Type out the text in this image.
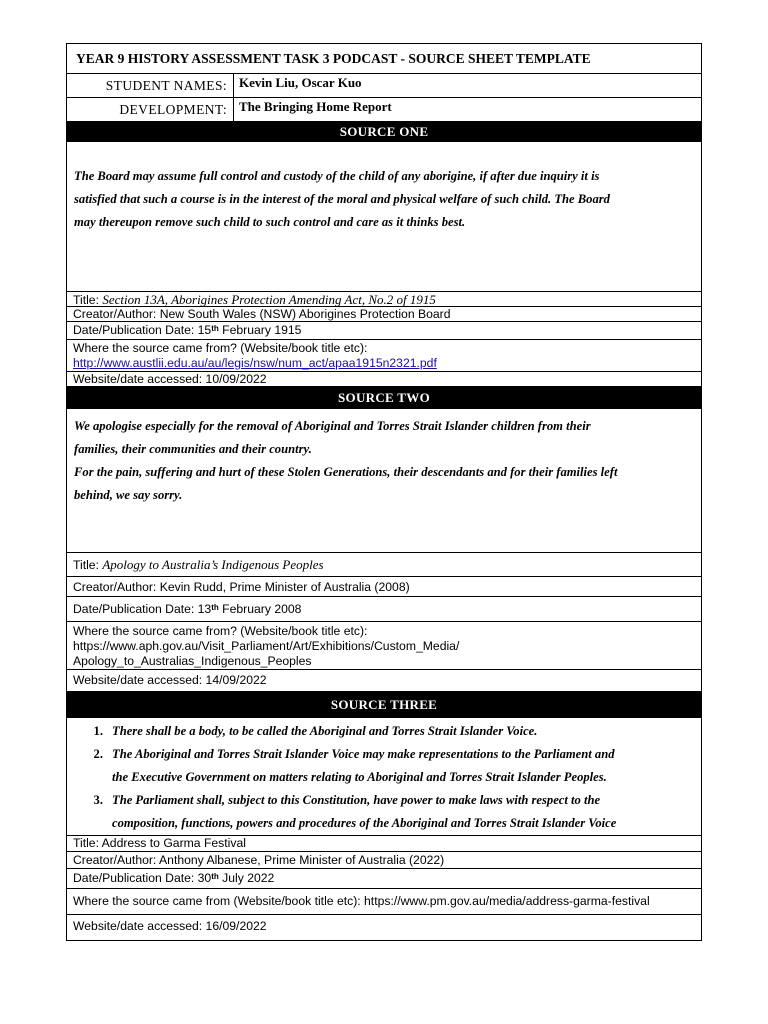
YEAR 9 HISTORY ASSESSMENT TASK 3 PODCAST - SOURCE SHEET TEMPLATE
STUDENT NAMES: Kevin Liu, Oscar Kuo
DEVELOPMENT: The Bringing Home Report
SOURCE ONE
The Board may assume full control and custody of the child of any aborigine, if after due inquiry it is
satisfied that such a course is in the interest of the moral and physical welfare of such child. The Board
may thereupon remove such child to such control and care as it thinks best.
Title: Section 13A, Aborigines Protection Amending Act, No.2 of 1915
Creator/Author: New South Wales (NSW) Aborigines Protection Board
Date/Publication Date: 15th February 1915
Where the source came from? (Website/book title etc):
http://www.austlii.edu.au/au/legis/nsw/num_act/apaa1915n2321.pdf
Website/date accessed: 10/09/2022
SOURCE TWO
We apologise especially for the removal of Aboriginal and Torres Strait Islander children from their
families, their communities and their country.
For the pain, suffering and hurt of these Stolen Generations, their descendants and for their families left
behind, we say sorry.
Title: Apology to Australia’s Indigenous Peoples
Creator/Author: Kevin Rudd, Prime Minister of Australia (2008)
Date/Publication Date: 13th February 2008
Where the source came from? (Website/book title etc):
https://www.aph.gov.au/Visit_Parliament/Art/Exhibitions/Custom_Media/
Apology_to_Australias_Indigenous_Peoples
Website/date accessed: 14/09/2022
SOURCE THREE
1. There shall be a body, to be called the Aboriginal and Torres Strait Islander Voice.
2. The Aboriginal and Torres Strait Islander Voice may make representations to the Parliament and
the Executive Government on matters relating to Aboriginal and Torres Strait Islander Peoples.
3. The Parliament shall, subject to this Constitution, have power to make laws with respect to the
composition, functions, powers and procedures of the Aboriginal and Torres Strait Islander Voice
Title: Address to Garma Festival
Creator/Author: Anthony Albanese, Prime Minister of Australia (2022)
Date/Publication Date: 30th July 2022
Where the source came from (Website/book title etc): https://www.pm.gov.au/media/address-garma-festival
Website/date accessed: 16/09/2022
